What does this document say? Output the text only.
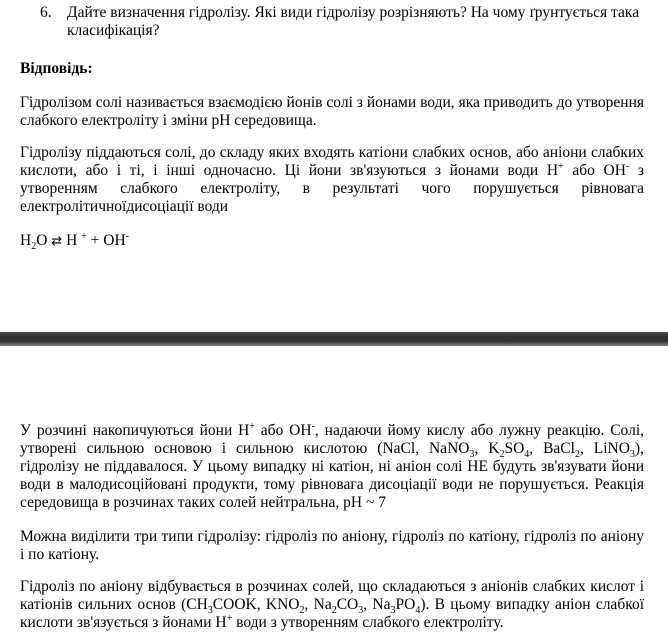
6. Дайте визначення гідролізу. Які види гідролізу розрізняють? На чому ґрунтується така класифікація?
Відповідь:
Гідролізом солі називається взаємодією йонів солі з йонами води, яка приводить до утворення слабкого електроліту і зміни pH середовища.
Гідролізу піддаються солі, до складу яких входять катіони слабких основ, або аніони слабких кислоти, або і ті, і інші одночасно. Ці йони зв'язуються з йонами води H+ або OH- з утворенням слабкого електроліту, в результаті чого порушується рівновага електролітичноїдисоціації води
$H_2O$ ⇄ H + + OH-
У розчині накопичуються йони H+ або OH-, надаючи йому кислу або лужну реакцію. Солі, утворені сильною основою і сильною кислотою (NaCl, NaNO$_3$, $K_2SO_4$, BaCl$_2$, LiNO$_3$), гідролізу не піддавалося. У цьому випадку ні катіон, ні аніон солі НЕ будуть зв'язувати йони води в малодисоційовані продукти, тому рівновага дисоціації води не порушується. Реакція середовища в розчинах таких солей нейтральна, pH ~ 7
Можна виділити три типи гідролізу: гідроліз по аніону, гідроліз по катіону, гідроліз по аніону і по катіону.
Гідроліз по аніону відбувається в розчинах солей, що складаються з аніонів слабких кислот і катіонів сильних основ ($CH_3COOK$, $KNO_2$, $Na_2CO_3$, $Na_3PO_4$). В цьому випадку аніон слабкої кислоти зв'язується з йонами H+ води з утворенням слабкого електроліту.
